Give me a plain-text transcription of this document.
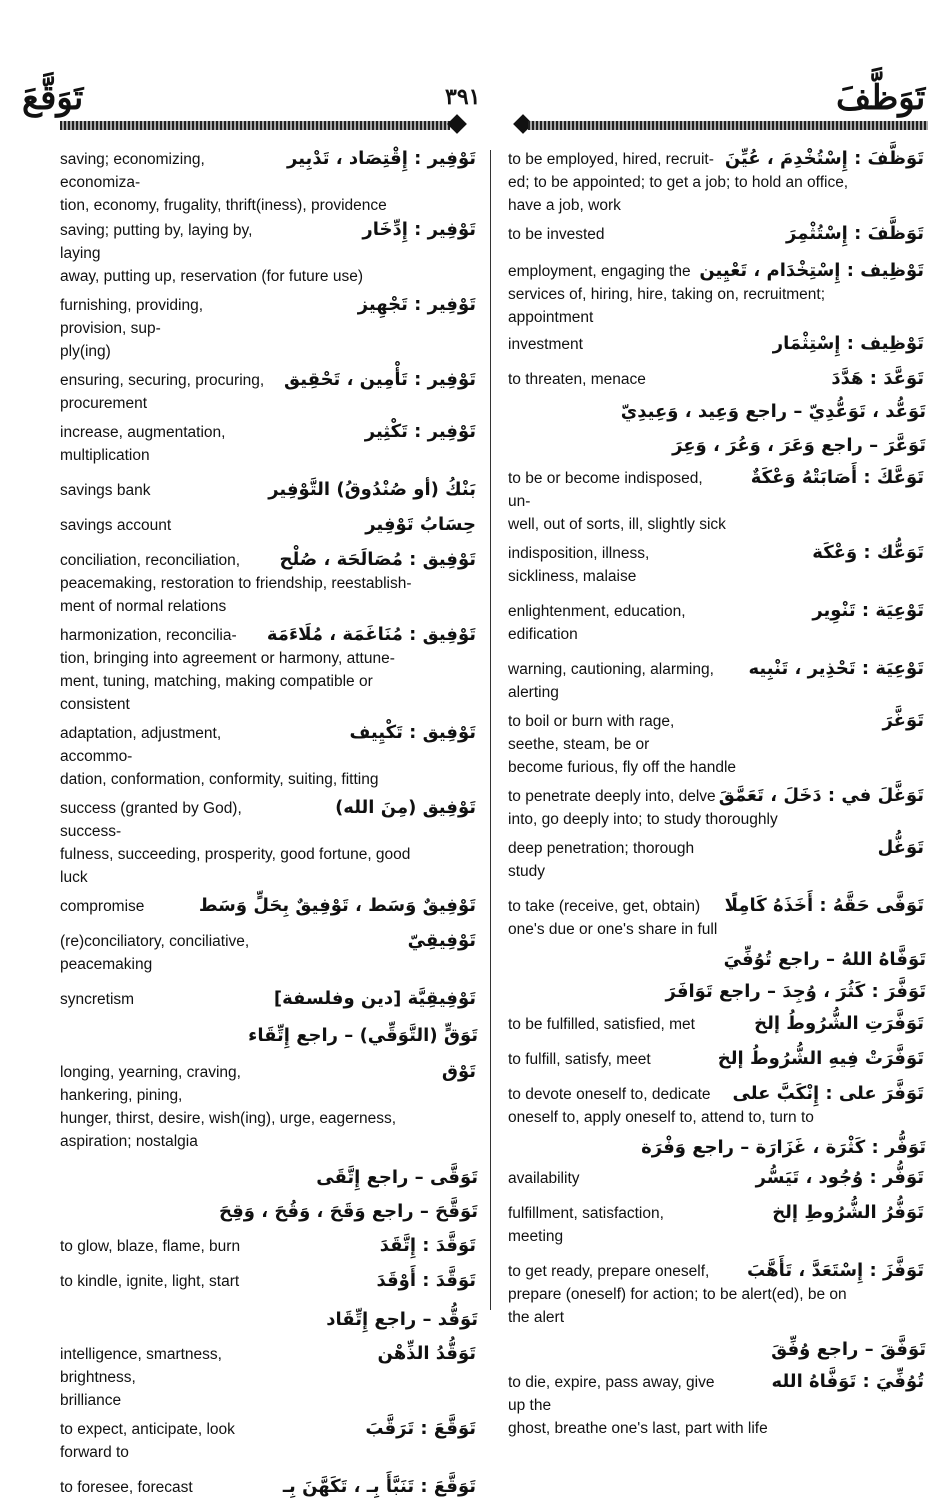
تَوَقَّعَ	٣٩١	تَوَظَّفَ
تَوْفِير : إِقْتِصَاد ، تَدْبِير
saving; economizing, economiza-
tion, economy, frugality, thrift(iness), providence
تَوْفِير : إِدِّخَار
saving; putting by, laying by, laying
away, putting up, reservation (for future use)
تَوْفِير : تَجْهِيز
furnishing, providing, provision, sup-
ply(ing)
تَوْفِير : تَأْمِين ، تَحْقِيق
ensuring, securing, procuring,
procurement
تَوْفِير : تَكْثِير
increase, augmentation, multiplication
بَنْكُ (أو صُنْدُوقُ) التَّوْفِير
savings bank
حِسَابُ تَوْفِير
savings account
تَوْفِيق : مُصَالَحَة ، صُلْح
conciliation, reconciliation,
peacemaking, restoration to friendship, reestablish-
ment of normal relations
تَوْفِيق : مُنَاغَمَة ، مُلَاءَمَة
harmonization, reconcilia-
tion, bringing into agreement or harmony, attune-
ment, tuning, matching, making compatible or
consistent
تَوْفِيق : تَكْيِيف
adaptation, adjustment, accommo-
dation, conformation, conformity, suiting, fitting
تَوْفِيق (مِنَ الله)
success (granted by God), success-
fulness, succeeding, prosperity, good fortune, good
luck
تَوْفِيقٌ وَسَط ، تَوْفِيقٌ بِحَلٍّ وَسَط
compromise
تَوْفِيقِيّ
(re)conciliatory, conciliative, peacemaking
تَوْفِيقِيَّة [دين وفلسفة]
syncretism
تَوَقٍّ (التَّوَقِّي) – راجع إِتِّقَاء
تَوْق
longing, yearning, craving, hankering, pining,
hunger, thirst, desire, wish(ing), urge, eagerness,
aspiration; nostalgia
تَوَقَّى – راجع إِتَّقَى
تَوَقَّحَ – راجع وَقَحَ ، وَقُحَ ، وَقِحَ
تَوَقَّدَ : إِتَّقَدَ
to glow, blaze, flame, burn
تَوَقَّدَ : أَوْقَدَ
to kindle, ignite, light, start
تَوَقُّد – راجع إِتِّقَاد
تَوَقُّدُ الذِّهْن
intelligence, smartness, brightness,
brilliance
تَوَقَّعَ : تَرَقَّبَ
to expect, anticipate, look forward to
تَوَقَّعَ : تَنَبَّأَ بِـ ، تَكَهَّنَ بِـ
to foresee, forecast
تَوَظَّفَ : إِسْتُخْدِمَ ، عُيِّنَ
to be employed, hired, recruit-
ed; to be appointed; to get a job; to hold an office,
have a job, work
تَوَظَّفَ : إِسْتُثْمِرَ
to be invested
تَوْظِيف : إِسْتِخْدَام ، تَعْيِين
employment, engaging the
services of, hiring, hire, taking on, recruitment;
appointment
تَوْظِيف : إِسْتِثْمَار
investment
تَوَعَّدَ : هَدَّدَ
to threaten, menace
تَوَعُّد ، تَوَعُّدِيّ – راجع وَعِيد ، وَعِيدِيّ
تَوَعَّرَ – راجع وَعَرَ ، وَعُرَ ، وَعِرَ
تَوَعَّكَ : أَصَابَتْهُ وَعْكَةٌ
to be or become indisposed, un-
well, out of sorts, ill, slightly sick
تَوَعُّك : وَعْكَة
indisposition, illness, sickliness, malaise
تَوْعِيَة : تَنْوِير
enlightenment, education, edification
تَوْعِيَة : تَحْذِير ، تَنْبِيه
warning, cautioning, alarming,
alerting
تَوَغَّرَ
to boil or burn with rage, seethe, steam, be or
become furious, fly off the handle
تَوَغَّلَ في : دَخَلَ ، تَعَمَّقَ
to penetrate deeply into, delve
into, go deeply into; to study thoroughly
تَوَغُّل
deep penetration; thorough study
تَوَفَّى حَقَّهُ : أَخَذَهُ كَامِلًا
to take (receive, get, obtain)
one's due or one's share in full
تَوَفَّاهُ اللهُ – راجع تُوُفِّيَ
تَوَفَّرَ : كَثُرَ ، وُجِدَ – راجع تَوَافَرَ
تَوَفَّرَتِ الشُّرُوطُ إلخ
to be fulfilled, satisfied, met
تَوَفَّرَتْ فِيهِ الشُّرُوطُ إلخ
to fulfill, satisfy, meet
تَوَفَّرَ على : إِنْكَبَّ على
to devote oneself to, dedicate
oneself to, apply oneself to, attend to, turn to
تَوَفُّر : كَثْرَة ، غَزَارَة – راجع وَفْرَة
تَوَفُّر : وُجُود ، تَيَسُّر
availability
تَوَفُّرُ الشُّرُوطِ إلخ
fulfillment, satisfaction, meeting
تَوَفَّزَ : إِسْتَعَدَّ ، تَأَهَّبَ
to get ready, prepare oneself,
prepare (oneself) for action; to be alert(ed), be on
the alert
تَوَفَّقَ – راجع وُفِّقَ
تُوُفِّيَ : تَوَفَّاهُ الله
to die, expire, pass away, give up the
ghost, breathe one's last, part with life
